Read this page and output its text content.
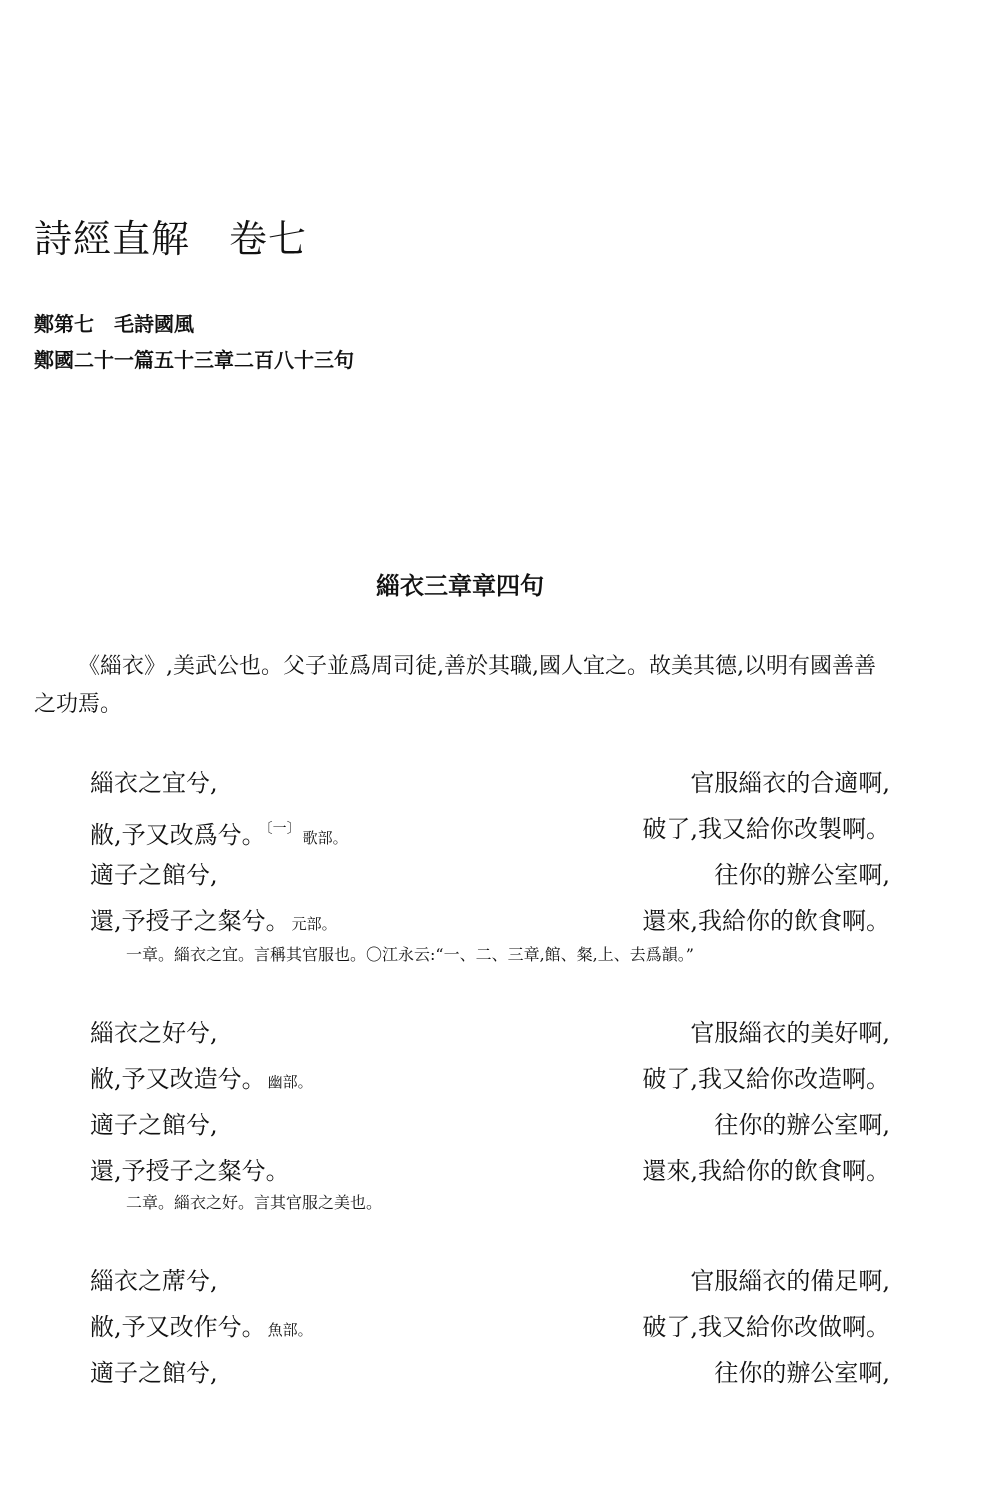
詩經直解　卷七
鄭第七　毛詩國風
鄭國二十一篇五十三章二百八十三句
緇衣三章章四句

《緇衣》,美武公也。父子並爲周司徒,善於其職,國人宜之。故美其德,以明有國善善之功焉。

緇衣之宜兮,	官服緇衣的合適啊,
敝,予又改爲兮。$^{〔一〕}$ 歌部。	破了,我又給你改製啊。
適子之館兮,	往你的辦公室啊,
還,予授子之粲兮。 元部。	還來,我給你的飲食啊。
一章。緇衣之宜。言稱其官服也。〇江永云:“一、二、三章,館、粲,上、去爲韻。”
緇衣之好兮,	官服緇衣的美好啊,
敝,予又改造兮。 幽部。	破了,我又給你改造啊。
適子之館兮,	往你的辦公室啊,
還,予授子之粲兮。	還來,我給你的飲食啊。
二章。緇衣之好。言其官服之美也。
緇衣之蓆兮,	官服緇衣的備足啊,
敝,予又改作兮。 魚部。	破了,我又給你改做啊。
適子之館兮,	往你的辦公室啊,
